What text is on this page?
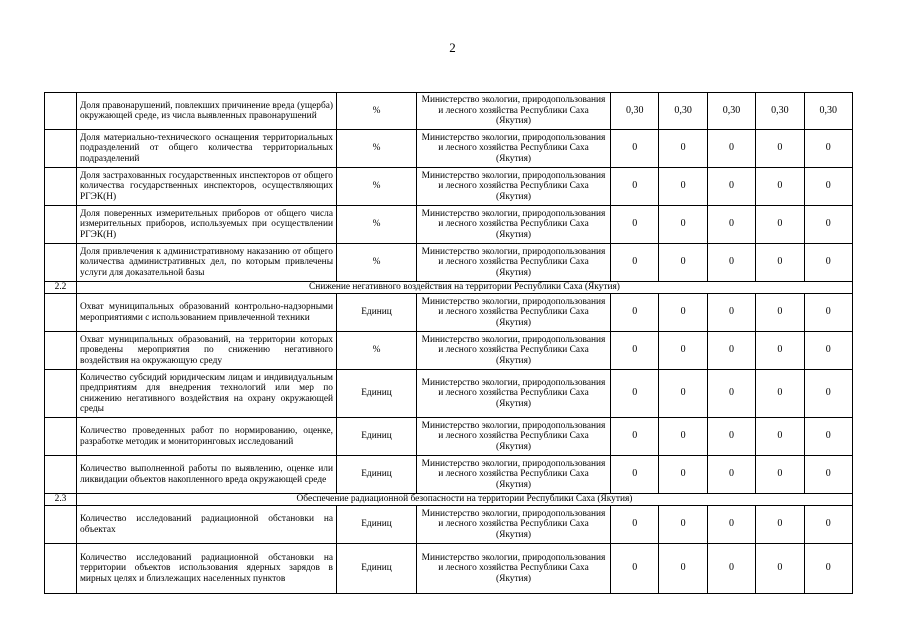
2
	Доля правонарушений, повлекших причинение вреда (ущерба) окружающей среде, из числа выявленных правонарушений	%	Министерство экологии, природопользования и лесного хозяйства Республики Саха (Якутия)	0,30	0,30	0,30	0,30	0,30
	Доля материально-технического оснащения территориальных подразделений от общего количества территориальных подразделений	%	Министерство экологии, природопользования и лесного хозяйства Республики Саха (Якутия)	0	0	0	0	0
	Доля застрахованных государственных инспекторов от общего количества государственных инспекторов, осуществляющих РГЭК(Н)	%	Министерство экологии, природопользования и лесного хозяйства Республики Саха (Якутия)	0	0	0	0	0
	Доля поверенных измерительных приборов от общего числа измерительных приборов, используемых при осуществлении РГЭК(Н)	%	Министерство экологии, природопользования и лесного хозяйства Республики Саха (Якутия)	0	0	0	0	0
	Доля привлечения к административному наказанию от общего количества административных дел, по которым привлечены услуги для доказательной базы	%	Министерство экологии, природопользования и лесного хозяйства Республики Саха (Якутия)	0	0	0	0	0
2.2	Снижение негативного воздействия на территории Республики Саха (Якутия)							
	Охват муниципальных образований контрольно-надзорными мероприятиями с использованием привлеченной техники	Единиц	Министерство экологии, природопользования и лесного хозяйства Республики Саха (Якутия)	0	0	0	0	0
	Охват муниципальных образований, на территории которых проведены мероприятия по снижению негативного воздействия на окружающую среду	%	Министерство экологии, природопользования и лесного хозяйства Республики Саха (Якутия)	0	0	0	0	0
	Количество субсидий юридическим лицам и индивидуальным предприятиям для внедрения технологий или мер по снижению негативного воздействия на охрану окружающей среды	Единиц	Министерство экологии, природопользования и лесного хозяйства Республики Саха (Якутия)	0	0	0	0	0
	Количество проведенных работ по нормированию, оценке, разработке методик и мониторинговых исследований	Единиц	Министерство экологии, природопользования и лесного хозяйства Республики Саха (Якутия)	0	0	0	0	0
	Количество выполненной работы по выявлению, оценке или ликвидации объектов накопленного вреда окружающей среде	Единиц	Министерство экологии, природопользования и лесного хозяйства Республики Саха (Якутия)	0	0	0	0	0
2.3	Обеспечение радиационной безопасности на территории Республики Саха (Якутия)							
	Количество исследований радиационной обстановки на объектах	Единиц	Министерство экологии, природопользования и лесного хозяйства Республики Саха (Якутия)	0	0	0	0	0
	Количество исследований радиационной обстановки на территории объектов использования ядерных зарядов в мирных целях и близлежащих населенных пунктов	Единиц	Министерство экологии, природопользования и лесного хозяйства Республики Саха (Якутия)	0	0	0	0	0
